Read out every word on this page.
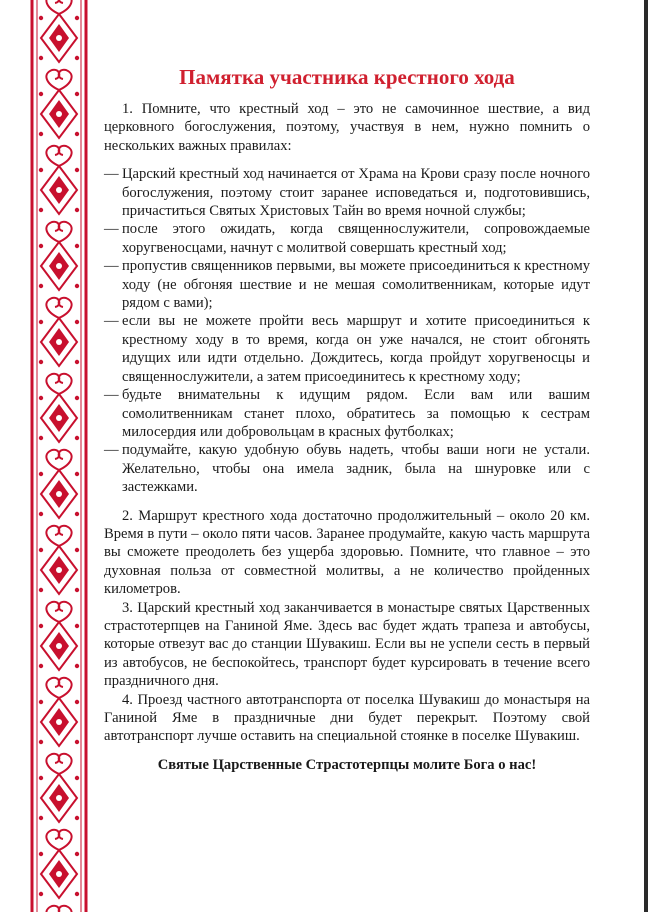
Памятка участника крестного хода

1. Помните, что крестный ход – это не самочинное шествие, а вид церковного богослужения, поэтому, участвуя в нем, нужно помнить о нескольких важных правилах:

— Царский крестный ход начинается от Храма на Крови сразу после ночного богослужения, поэтому стоит заранее исповедаться и, подготовившись, причаститься Святых Христовых Тайн во время ночной службы;
— после этого ожидать, когда священнослужители, сопровождаемые хоругвеносцами, начнут с молитвой совершать крестный ход;
— пропустив священников первыми, вы можете присоединиться к крестному ходу (не обгоняя шествие и не мешая сомолитвенникам, которые идут рядом с вами);
— если вы не можете пройти весь маршрут и хотите присоединиться к крестному ходу в то время, когда он уже начался, не стоит обгонять идущих или идти отдельно. Дождитесь, когда пройдут хоругвеносцы и священнослужители, а затем присоединитесь к крестному ходу;
— будьте внимательны к идущим рядом. Если вам или вашим сомолитвенникам станет плохо, обратитесь за помощью к сестрам милосердия или добровольцам в красных футболках;
— подумайте, какую удобную обувь надеть, чтобы ваши ноги не устали. Желательно, чтобы она имела задник, была на шнуровке или с застежками.

2. Маршрут крестного хода достаточно продолжительный – около 20 км. Время в пути – около пяти часов. Заранее продумайте, какую часть маршрута вы сможете преодолеть без ущерба здоровью. Помните, что главное – это духовная польза от совместной молитвы, а не количество пройденных километров.

3. Царский крестный ход заканчивается в монастыре святых Царственных страстотерпцев на Ганиной Яме. Здесь вас будет ждать трапеза и автобусы, которые отвезут вас до станции Шувакиш. Если вы не успели сесть в первый из автобусов, не беспокойтесь, транспорт будет курсировать в течение всего праздничного дня.

4. Проезд частного автотранспорта от поселка Шувакиш до монастыря на Ганиной Яме в праздничные дни будет перекрыт. Поэтому свой автотранспорт лучше оставить на специальной стоянке в поселке Шувакиш.

Святые Царственные Страстотерпцы молите Бога о нас!
